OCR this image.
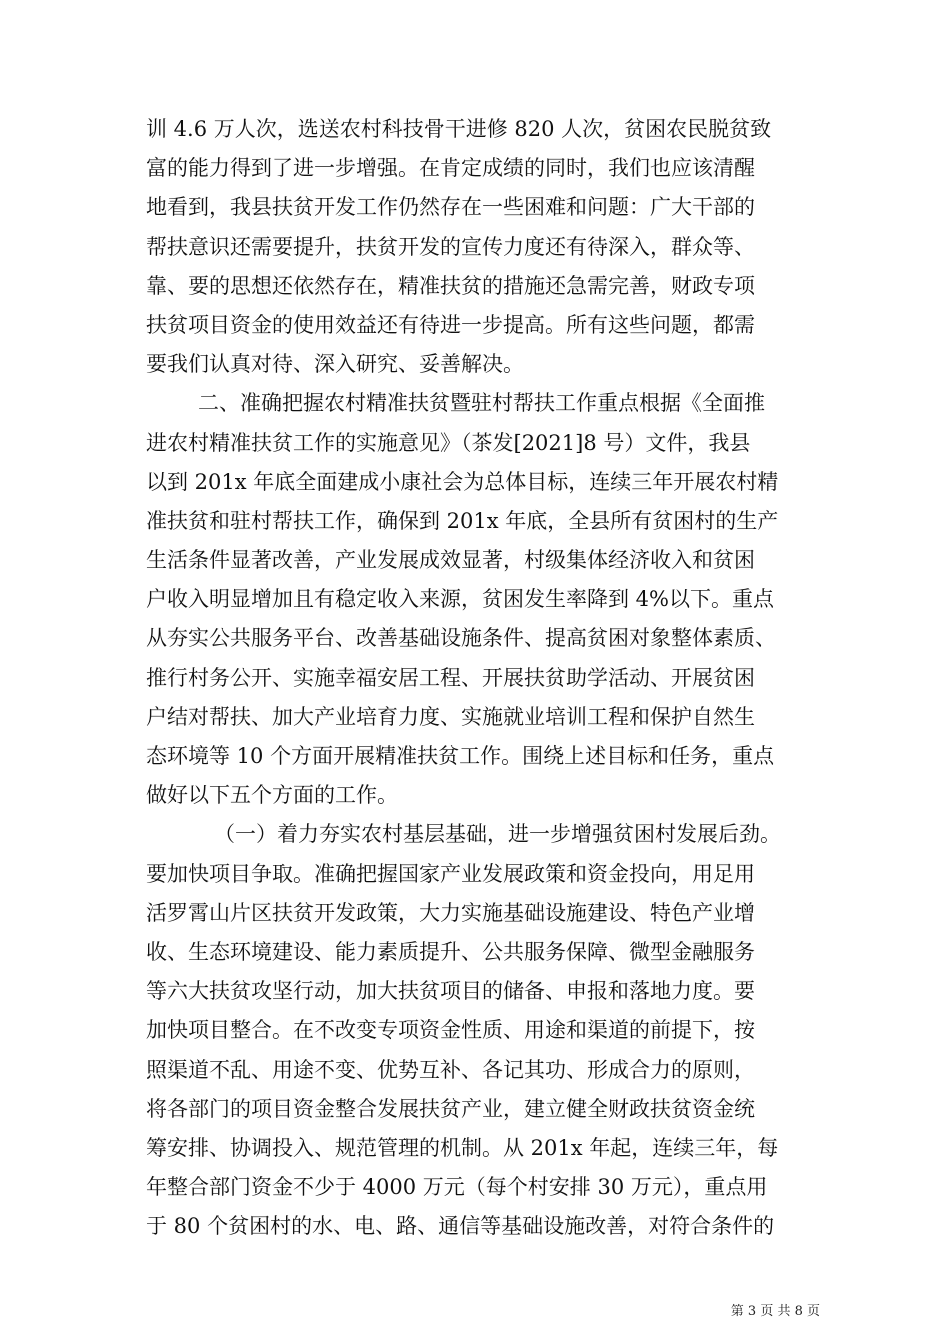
训 4.6 万人次，选送农村科技骨干进修 820 人次，贫困农民脱贫致
富的能力得到了进一步增强。在肯定成绩的同时，我们也应该清醒
地看到，我县扶贫开发工作仍然存在一些困难和问题：广大干部的
帮扶意识还需要提升，扶贫开发的宣传力度还有待深入，群众等、
靠、要的思想还依然存在，精准扶贫的措施还急需完善，财政专项
扶贫项目资金的使用效益还有待进一步提高。所有这些问题，都需
要我们认真对待、深入研究、妥善解决。
二、准确把握农村精准扶贫暨驻村帮扶工作重点根据《全面推
进农村精准扶贫工作的实施意见》（茶发[2021]8 号）文件，我县
以到 201x 年底全面建成小康社会为总体目标，连续三年开展农村精
准扶贫和驻村帮扶工作，确保到 201x 年底，全县所有贫困村的生产
生活条件显著改善，产业发展成效显著，村级集体经济收入和贫困
户收入明显增加且有稳定收入来源，贫困发生率降到 4%以下。重点
从夯实公共服务平台、改善基础设施条件、提高贫困对象整体素质、
推行村务公开、实施幸福安居工程、开展扶贫助学活动、开展贫困
户结对帮扶、加大产业培育力度、实施就业培训工程和保护自然生
态环境等 10 个方面开展精准扶贫工作。围绕上述目标和任务，重点
做好以下五个方面的工作。
（一）着力夯实农村基层基础，进一步增强贫困村发展后劲。
要加快项目争取。准确把握国家产业发展政策和资金投向，用足用
活罗霄山片区扶贫开发政策，大力实施基础设施建设、特色产业增
收、生态环境建设、能力素质提升、公共服务保障、微型金融服务
等六大扶贫攻坚行动，加大扶贫项目的储备、申报和落地力度。要
加快项目整合。在不改变专项资金性质、用途和渠道的前提下，按
照渠道不乱、用途不变、优势互补、各记其功、形成合力的原则，
将各部门的项目资金整合发展扶贫产业，建立健全财政扶贫资金统
筹安排、协调投入、规范管理的机制。从 201x 年起，连续三年，每
年整合部门资金不少于 4000 万元（每个村安排 30 万元），重点用
于 80 个贫困村的水、电、路、通信等基础设施改善，对符合条件的
第 3 页 共 8 页
